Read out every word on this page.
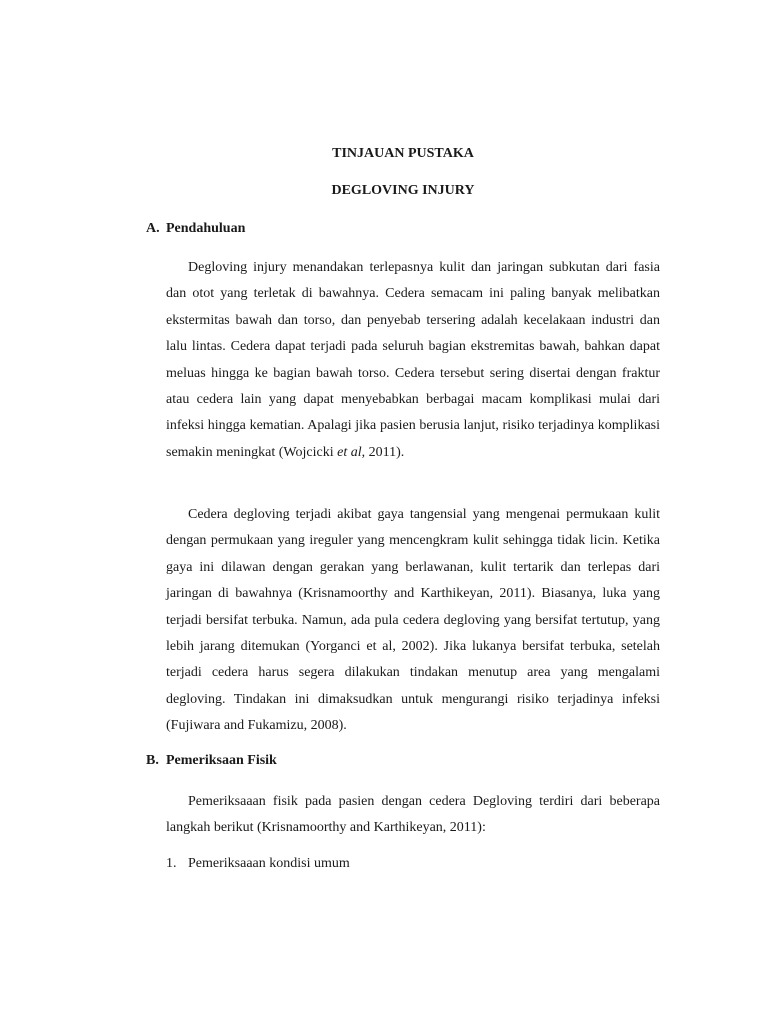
TINJAUAN PUSTAKA
DEGLOVING INJURY
A. Pendahuluan

Degloving injury menandakan terlepasnya kulit dan jaringan subkutan dari fasia dan otot yang terletak di bawahnya. Cedera semacam ini paling banyak melibatkan ekstermitas bawah dan torso, dan penyebab tersering adalah kecelakaan industri dan lalu lintas. Cedera dapat terjadi pada seluruh bagian ekstremitas bawah, bahkan dapat meluas hingga ke bagian bawah torso. Cedera tersebut sering disertai dengan fraktur atau cedera lain yang dapat menyebabkan berbagai macam komplikasi mulai dari infeksi hingga kematian. Apalagi jika pasien berusia lanjut, risiko terjadinya komplikasi semakin meningkat (Wojcicki et al, 2011).

Cedera degloving terjadi akibat gaya tangensial yang mengenai permukaan kulit dengan permukaan yang ireguler yang mencengkram kulit sehingga tidak licin. Ketika gaya ini dilawan dengan gerakan yang berlawanan, kulit tertarik dan terlepas dari jaringan di bawahnya (Krisnamoorthy and Karthikeyan, 2011). Biasanya, luka yang terjadi bersifat terbuka. Namun, ada pula cedera degloving yang bersifat tertutup, yang lebih jarang ditemukan (Yorganci et al, 2002). Jika lukanya bersifat terbuka, setelah terjadi cedera harus segera dilakukan tindakan menutup area yang mengalami degloving. Tindakan ini dimaksudkan untuk mengurangi risiko terjadinya infeksi (Fujiwara and Fukamizu, 2008).

B. Pemeriksaan Fisik

Pemeriksaaan fisik pada pasien dengan cedera Degloving terdiri dari beberapa langkah berikut (Krisnamoorthy and Karthikeyan, 2011):

1. Pemeriksaaan kondisi umum
